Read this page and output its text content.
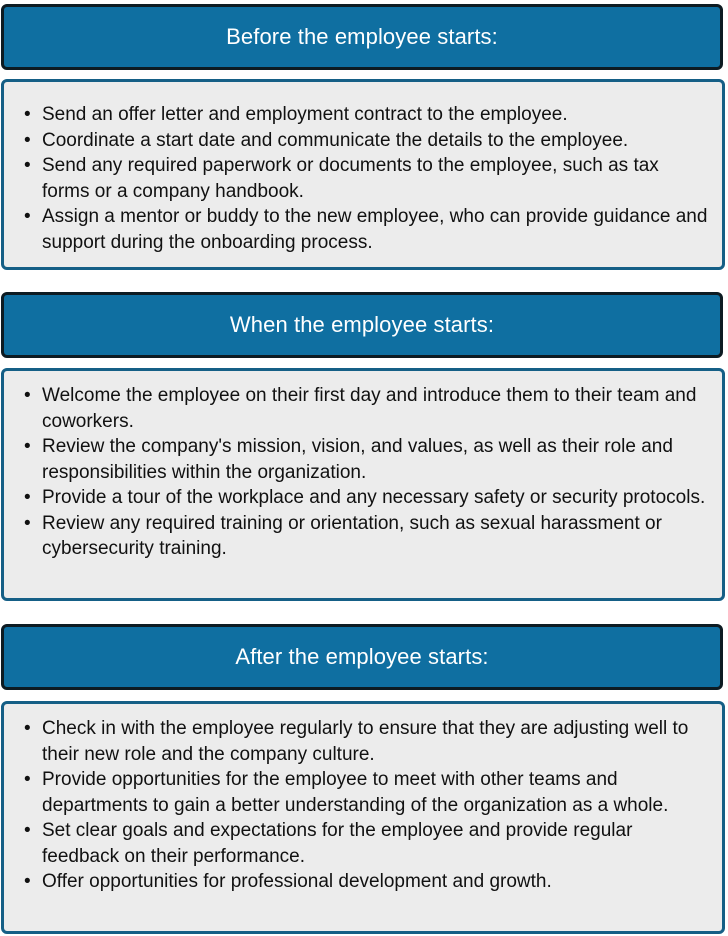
Before the employee starts:
• Send an offer letter and employment contract to the employee.
• Coordinate a start date and communicate the details to the employee.
• Send any required paperwork or documents to the employee, such as tax forms or a company handbook.
• Assign a mentor or buddy to the new employee, who can provide guidance and support during the onboarding process.
When the employee starts:
• Welcome the employee on their first day and introduce them to their team and coworkers.
• Review the company's mission, vision, and values, as well as their role and responsibilities within the organization.
• Provide a tour of the workplace and any necessary safety or security protocols.
• Review any required training or orientation, such as sexual harassment or cybersecurity training.
After the employee starts:
• Check in with the employee regularly to ensure that they are adjusting well to their new role and the company culture.
• Provide opportunities for the employee to meet with other teams and departments to gain a better understanding of the organization as a whole.
• Set clear goals and expectations for the employee and provide regular feedback on their performance.
• Offer opportunities for professional development and growth.
